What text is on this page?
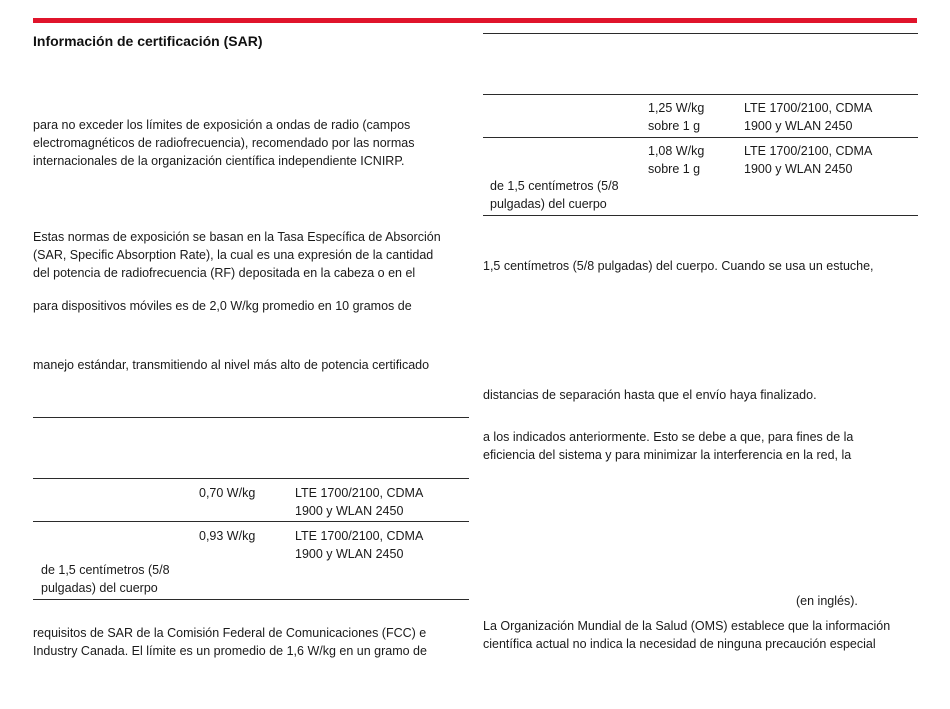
Información de certificación (SAR)
para no exceder los límites de exposición a ondas de radio (campos
electromagnéticos de radiofrecuencia), recomendado por las normas
internacionales de la organización científica independiente ICNIRP.
Estas normas de exposición se basan en la Tasa Específica de Absorción
(SAR, Specific Absorption Rate), la cual es una expresión de la cantidad
del potencia de radiofrecuencia (RF) depositada en la cabeza o en el
para dispositivos móviles es de 2,0 W/kg promedio en 10 gramos de
manejo estándar, transmitiendo al nivel más alto de potencia certificado
0,70 W/kg	LTE 1700/2100, CDMA
1900 y WLAN 2450
0,93 W/kg	LTE 1700/2100, CDMA
1900 y WLAN 2450
de 1,5 centímetros (5/8
pulgadas) del cuerpo
requisitos de SAR de la Comisión Federal de Comunicaciones (FCC) e
Industry Canada. El límite es un promedio de 1,6 W/kg en un gramo de
1,25 W/kg
sobre 1 g
LTE 1700/2100, CDMA
1900 y WLAN 2450
1,08 W/kg
sobre 1 g
LTE 1700/2100, CDMA
1900 y WLAN 2450
de 1,5 centímetros (5/8
pulgadas) del cuerpo
1,5 centímetros (5/8 pulgadas) del cuerpo. Cuando se usa un estuche,
distancias de separación hasta que el envío haya finalizado.
a los indicados anteriormente. Esto se debe a que, para fines de la
eficiencia del sistema y para minimizar la interferencia en la red, la
(en inglés).
La Organización Mundial de la Salud (OMS) establece que la información
científica actual no indica la necesidad de ninguna precaución especial
